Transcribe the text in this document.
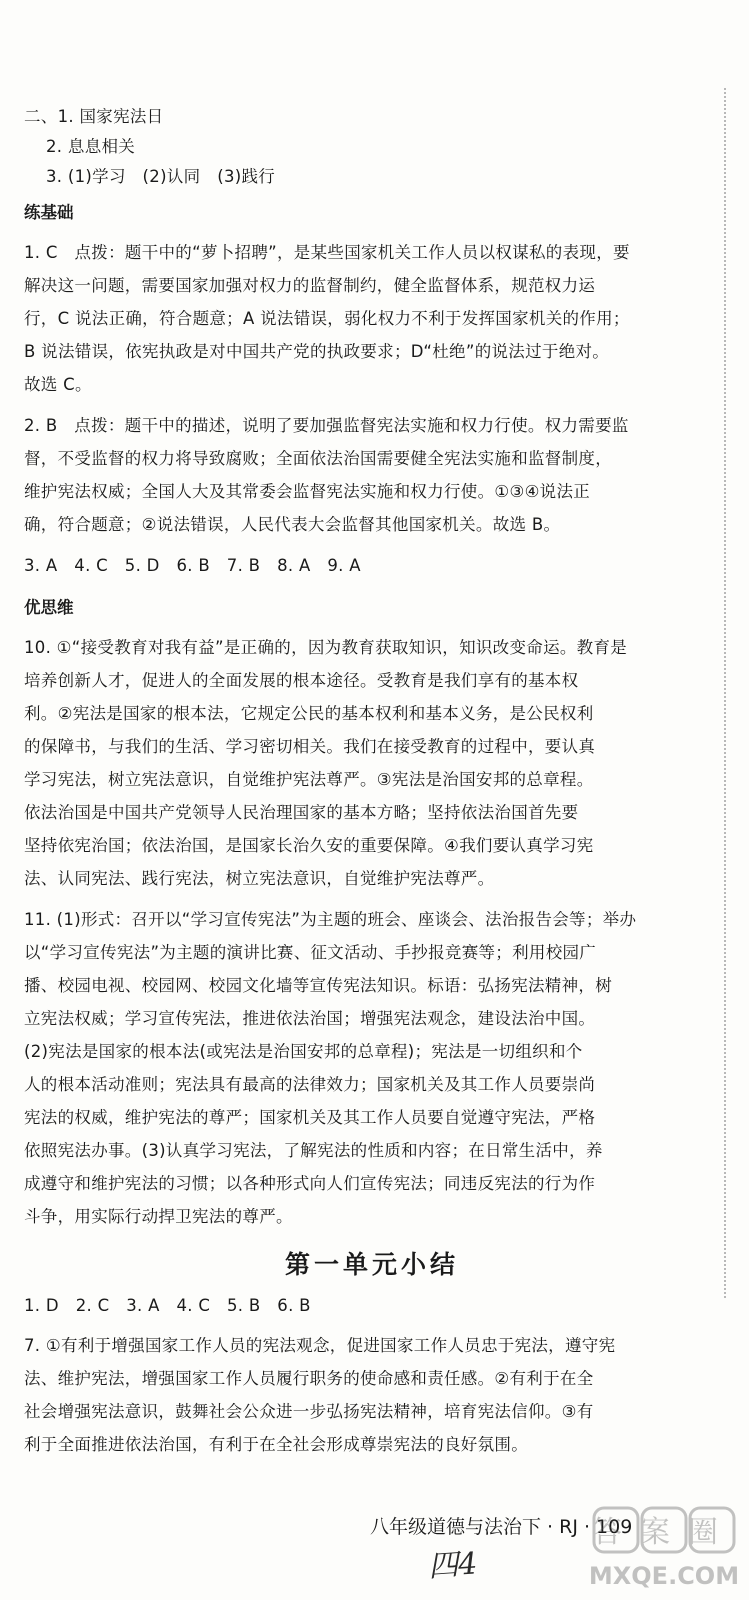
二、1. 国家宪法日
2. 息息相关
3. (1)学习　(2)认同　(3)践行
练基础
1. C　点拨：题干中的“萝卜招聘”，是某些国家机关工作人员以权谋私的表现，要
解决这一问题，需要国家加强对权力的监督制约，健全监督体系，规范权力运
行，C 说法正确，符合题意；A 说法错误，弱化权力不利于发挥国家机关的作用；
B 说法错误，依宪执政是对中国共产党的执政要求；D“杜绝”的说法过于绝对。
故选 C。
2. B　点拨：题干中的描述，说明了要加强监督宪法实施和权力行使。权力需要监
督，不受监督的权力将导致腐败；全面依法治国需要健全宪法实施和监督制度，
维护宪法权威；全国人大及其常委会监督宪法实施和权力行使。①③④说法正
确，符合题意；②说法错误，人民代表大会监督其他国家机关。故选 B。
3. A　4. C　5. D　6. B　7. B　8. A　9. A
优思维
10. ①“接受教育对我有益”是正确的，因为教育获取知识，知识改变命运。教育是
培养创新人才，促进人的全面发展的根本途径。受教育是我们享有的基本权
利。②宪法是国家的根本法，它规定公民的基本权利和基本义务，是公民权利
的保障书，与我们的生活、学习密切相关。我们在接受教育的过程中，要认真
学习宪法，树立宪法意识，自觉维护宪法尊严。③宪法是治国安邦的总章程。
依法治国是中国共产党领导人民治理国家的基本方略；坚持依法治国首先要
坚持依宪治国；依法治国，是国家长治久安的重要保障。④我们要认真学习宪
法、认同宪法、践行宪法，树立宪法意识，自觉维护宪法尊严。
11. (1)形式：召开以“学习宣传宪法”为主题的班会、座谈会、法治报告会等；举办
以“学习宣传宪法”为主题的演讲比赛、征文活动、手抄报竞赛等；利用校园广
播、校园电视、校园网、校园文化墙等宣传宪法知识。标语：弘扬宪法精神，树
立宪法权威；学习宣传宪法，推进依法治国；增强宪法观念，建设法治中国。
(2)宪法是国家的根本法(或宪法是治国安邦的总章程)；宪法是一切组织和个
人的根本活动准则；宪法具有最高的法律效力；国家机关及其工作人员要崇尚
宪法的权威，维护宪法的尊严；国家机关及其工作人员要自觉遵守宪法，严格
依照宪法办事。(3)认真学习宪法，了解宪法的性质和内容；在日常生活中，养
成遵守和维护宪法的习惯；以各种形式向人们宣传宪法；同违反宪法的行为作
斗争，用实际行动捍卫宪法的尊严。
第一单元小结
1. D　2. C　3. A　4. C　5. B　6. B
7. ①有利于增强国家工作人员的宪法观念，促进国家工作人员忠于宪法，遵守宪
法、维护宪法，增强国家工作人员履行职务的使命感和责任感。②有利于在全
社会增强宪法意识，鼓舞社会公众进一步弘扬宪法精神，培育宪法信仰。③有
利于全面推进依法治国，有利于在全社会形成尊崇宪法的良好氛围。
八年级道德与法治下 · RJ · 109
四4
答案圈
MXQE.COM
